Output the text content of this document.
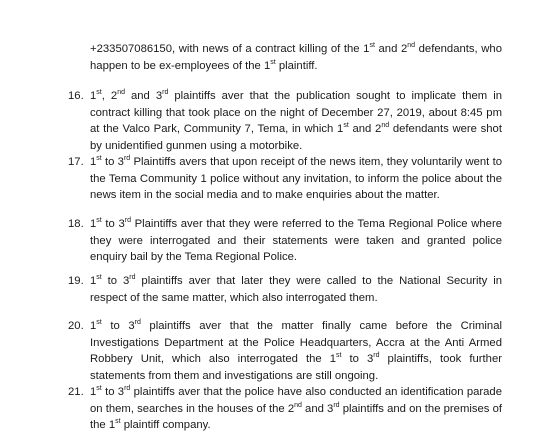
+233507086150, with news of a contract killing of the 1st and 2nd defendants, who happen to be ex-employees of the 1st plaintiff.
16. 1st, 2nd and 3rd plaintiffs aver that the publication sought to implicate them in contract killing that took place on the night of December 27, 2019, about 8:45 pm at the Valco Park, Community 7, Tema, in which 1st and 2nd defendants were shot by unidentified gunmen using a motorbike.
17. 1st to 3rd Plaintiffs avers that upon receipt of the news item, they voluntarily went to the Tema Community 1 police without any invitation, to inform the police about the news item in the social media and to make enquiries about the matter.
18. 1st to 3rd Plaintiffs aver that they were referred to the Tema Regional Police where they were interrogated and their statements were taken and granted police enquiry bail by the Tema Regional Police.
19. 1st to 3rd plaintiffs aver that later they were called to the National Security in respect of the same matter, which also interrogated them.
20. 1st to 3rd plaintiffs aver that the matter finally came before the Criminal Investigations Department at the Police Headquarters, Accra at the Anti Armed Robbery Unit, which also interrogated the 1st to 3rd plaintiffs, took further statements from them and investigations are still ongoing.
21. 1st to 3rd plaintiffs aver that the police have also conducted an identification parade on them, searches in the houses of the 2nd and 3rd plaintiffs and on the premises of the 1st plaintiff company.
